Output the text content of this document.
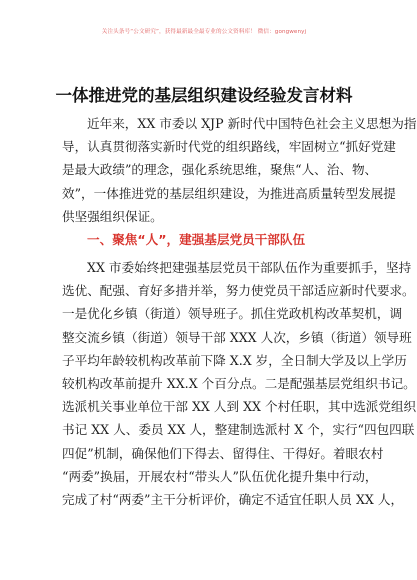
关注头条号“公文研究”，获得最新最全最专业的公文资料库！ 微信：gongwenyj
一体推进党的基层组织建设经验发言材料
近年来，XX 市委以 XJP 新时代中国特色社会主义思想为指
导，认真贯彻落实新时代党的组织路线，牢固树立“抓好党建
是最大政绩”的理念，强化系统思维，聚焦“人、治、物、
效”，一体推进党的基层组织建设，为推进高质量转型发展提
供坚强组织保证。
一、聚焦“人”，建强基层党员干部队伍
XX 市委始终把建强基层党员干部队伍作为重要抓手，坚持
选优、配强、育好多措并举，努力使党员干部适应新时代要求。
一是优化乡镇（街道）领导班子。抓住党政机构改革契机，调
整交流乡镇（街道）领导干部 XXX 人次，乡镇（街道）领导班
子平均年龄较机构改革前下降 X.X 岁，全日制大学及以上学历
较机构改革前提升 XX.X 个百分点。二是配强基层党组织书记。
选派机关事业单位干部 XX 人到 XX 个村任职，其中选派党组织
书记 XX 人、委员 XX 人，整建制选派村 X 个，实行“四包四联
四促”机制，确保他们下得去、留得住、干得好。着眼农村
“两委”换届，开展农村“带头人”队伍优化提升集中行动，
完成了村“两委”主干分析评价，确定不适宜任职人员 XX 人，
